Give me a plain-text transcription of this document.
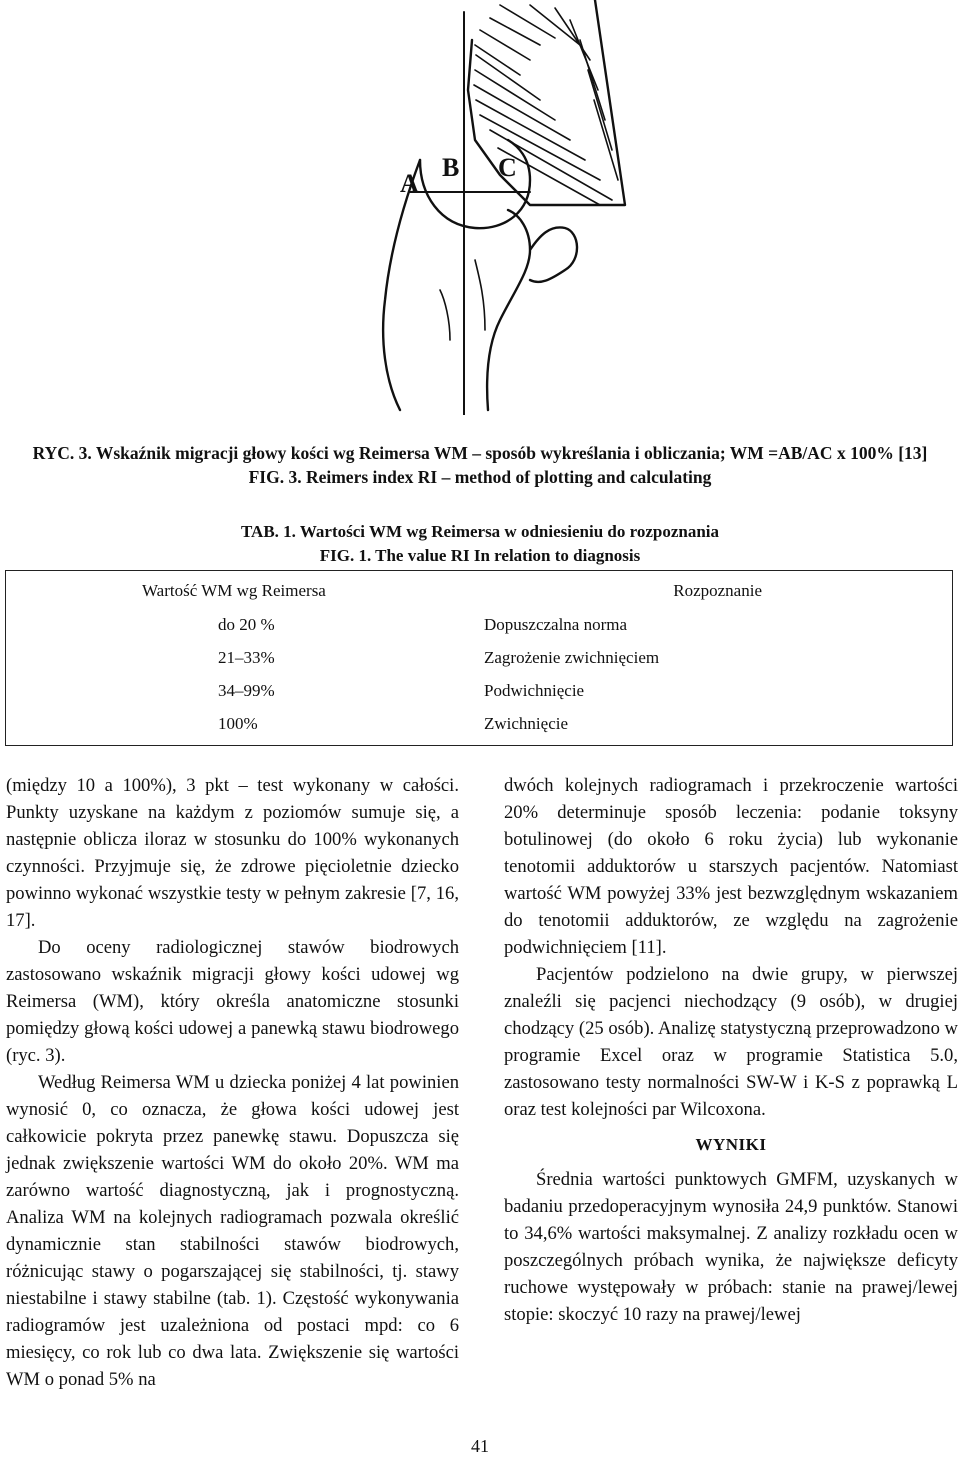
A
B C
RYC. 3. Wskaźnik migracji głowy kości wg Reimersa WM – sposób wykreślania i obliczania; WM =AB/AC x 100% [13]
FIG. 3. Reimers index RI – method of plotting and calculating
TAB. 1. Wartości WM wg Reimersa w odniesieniu do rozpoznania
FIG. 1. The value RI In relation to diagnosis
Wartość WM wg Reimersa	Rozpoznanie
do 20 %	Dopuszczalna norma
21–33%	Zagrożenie zwichnięciem
34–99%	Podwichnięcie
100%	Zwichnięcie

(między 10 a 100%), 3 pkt – test wykonany w całości. Punkty uzyskane na każdym z poziomów sumuje się, a następnie oblicza iloraz w stosunku do 100% wykonanych czynności. Przyjmuje się, że zdrowe pięcioletnie dziecko powinno wykonać wszystkie testy w pełnym zakresie [7, 16, 17].

Do oceny radiologicznej stawów biodrowych zastosowano wskaźnik migracji głowy kości udowej wg Reimersa (WM), który określa anatomiczne stosunki pomiędzy głową kości udowej a panewką stawu biodrowego (ryc. 3).

Według Reimersa WM u dziecka poniżej 4 lat powinien wynosić 0, co oznacza, że głowa kości udowej jest całkowicie pokryta przez panewkę stawu. Dopuszcza się jednak zwiększenie wartości WM do około 20%. WM ma zarówno wartość diagnostyczną, jak i prognostyczną. Analiza WM na kolejnych radiogramach pozwala określić dynamicznie stan stabilności stawów biodrowych, różnicując stawy o pogarszającej się stabilności, tj. stawy niestabilne i stawy stabilne (tab. 1). Częstość wykonywania radiogramów jest uzależniona od postaci mpd: co 6 miesięcy, co rok lub co dwa lata. Zwiększenie się wartości WM o ponad 5% na

dwóch kolejnych radiogramach i przekroczenie wartości 20% determinuje sposób leczenia: podanie toksyny botulinowej (do około 6 roku życia) lub wykonanie tenotomii adduktorów u starszych pacjentów. Natomiast wartość WM powyżej 33% jest bezwzględnym wskazaniem do tenotomii adduktorów, ze względu na zagrożenie podwichnięciem [11].

Pacjentów podzielono na dwie grupy, w pierwszej znaleźli się pacjenci niechodzący (9 osób), w drugiej chodzący (25 osób). Analizę statystyczną przeprowadzono w programie Excel oraz w programie Statistica 5.0, zastosowano testy normalności SW-W i K-S z poprawką L oraz test kolejności par Wilcoxona.

WYNIKI

Średnia wartości punktowych GMFM, uzyskanych w badaniu przedoperacyjnym wynosiła 24,9 punktów. Stanowi to 34,6% wartości maksymalnej. Z analizy rozkładu ocen w poszczególnych próbach wynika, że największe deficyty ruchowe występowały w próbach: stanie na prawej/lewej stopie: skoczyć 10 razy na prawej/lewej

41
